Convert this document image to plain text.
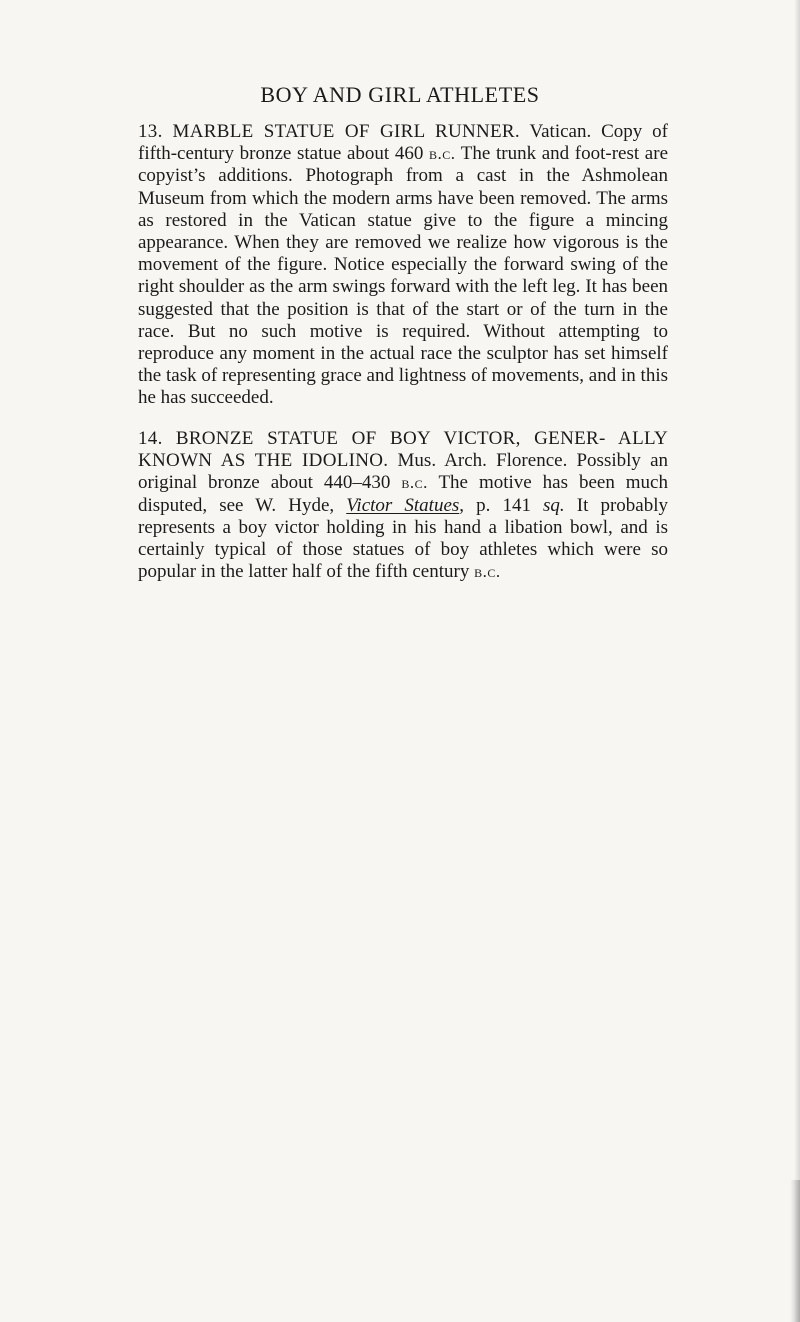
BOY AND GIRL ATHLETES

13. MARBLE STATUE OF GIRL RUNNER. Vatican. Copy of fifth-century bronze statue about 460 b.c. The trunk and foot-rest are copyist’s additions. Photograph from a cast in the Ashmolean Museum from which the modern arms have been removed. The arms as restored in the Vatican statue give to the figure a mincing appearance. When they are removed we realize how vigorous is the movement of the figure. Notice especially the forward swing of the right shoulder as the arm swings forward with the left leg. It has been suggested that the position is that of the start or of the turn in the race. But no such motive is required. Without attempting to reproduce any moment in the actual race the sculptor has set himself the task of representing grace and lightness of movements, and in this he has succeeded.

14. BRONZE STATUE OF BOY VICTOR, GENER- ALLY KNOWN AS THE IDOLINO. Mus. Arch. Florence. Possibly an original bronze about 440–430 b.c. The motive has been much disputed, see W. Hyde, Victor Statues, p. 141 sq. It probably represents a boy victor holding in his hand a libation bowl, and is certainly typical of those statues of boy athletes which were so popular in the latter half of the fifth century b.c.
